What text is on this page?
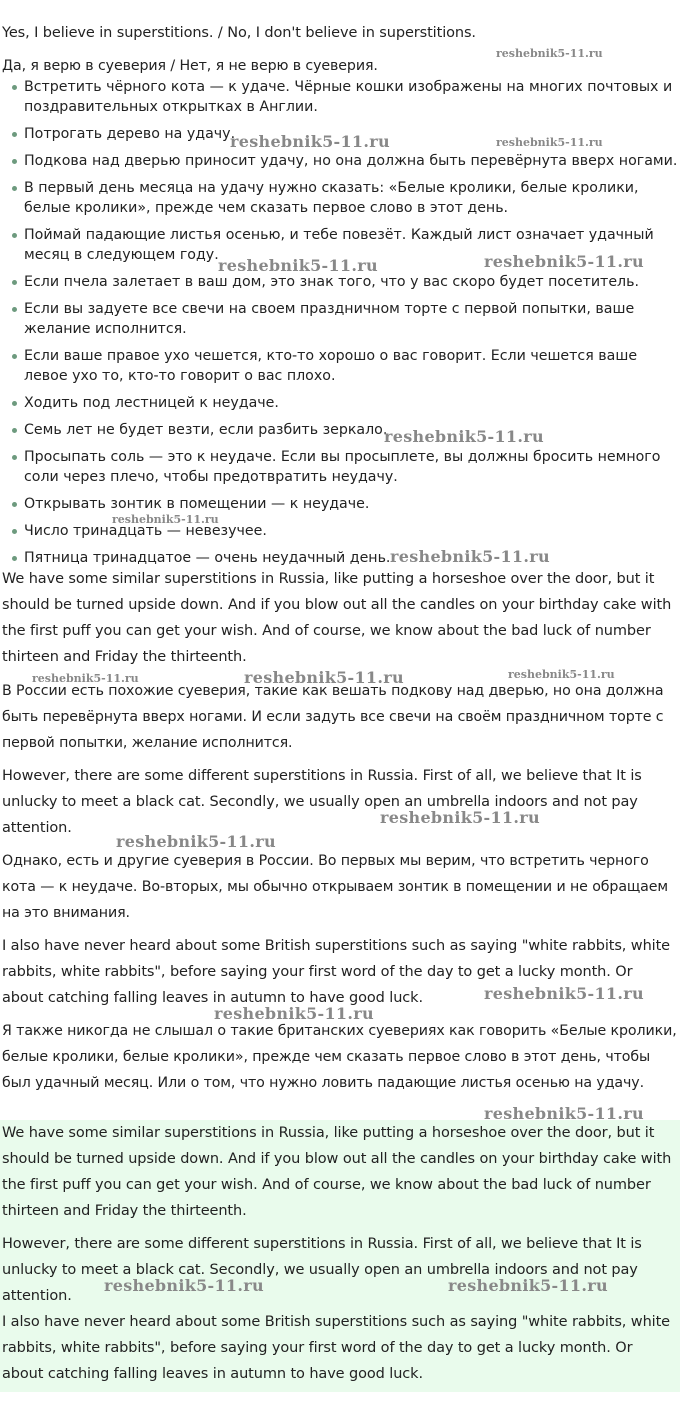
Yes, I believe in superstitions. / No, I don't believe in superstitions.

Да, я верю в суеверия / Нет, я не верю в суеверия.

Встретить чёрного кота — к удаче. Чёрные кошки изображены на многих почтовых и поздравительных открытках в Англии.
Потрогать дерево на удачу.
Подкова над дверью приносит удачу, но она должна быть перевёрнута вверх ногами.
В первый день месяца на удачу нужно сказать: «Белые кролики, белые кролики, белые кролики», прежде чем сказать первое слово в этот день.
Поймай падающие листья осенью, и тебе повезёт. Каждый лист означает удачный месяц в следующем году.
Если пчела залетает в ваш дом, это знак того, что у вас скоро будет посетитель.
Если вы задуете все свечи на своем праздничном торте с первой попытки, ваше желание исполнится.
Если ваше правое ухо чешется, кто-то хорошо о вас говорит. Если чешется ваше левое ухо то, кто-то говорит о вас плохо.
Ходить под лестницей к неудаче.
Семь лет не будет везти, если разбить зеркало.
Просыпать соль — это к неудаче. Если вы просыплете, вы должны бросить немного соли через плечо, чтобы предотвратить неудачу.
Открывать зонтик в помещении — к неудаче.
Число тринадцать — невезучее.
Пятница тринадцатое — очень неудачный день.

We have some similar superstitions in Russia, like putting a horseshoe over the door, but it should be turned upside down. And if you blow out all the candles on your birthday cake with the first puff you can get your wish. And of course, we know about the bad luck of number thirteen and Friday the thirteenth.

В России есть похожие суеверия, такие как вешать подкову над дверью, но она должна быть перевёрнута вверх ногами. И если задуть все свечи на своём праздничном торте с первой попытки, желание исполнится.

However, there are some different superstitions in Russia. First of all, we believe that It is unlucky to meet a black cat. Secondly, we usually open an umbrella indoors and not pay attention.

Однако, есть и другие суеверия в России. Во первых мы верим, что встретить черного кота — к неудаче. Во-вторых, мы обычно открываем зонтик в помещении и не обращаем на это внимания.

I also have never heard about some British superstitions such as saying "white rabbits, white rabbits, white rabbits", before saying your first word of the day to get a lucky month. Or about catching falling leaves in autumn to have good luck.

Я также никогда не слышал о такие британских суевериях как говорить «Белые кролики, белые кролики, белые кролики», прежде чем сказать первое слово в этот день, чтобы был удачный месяц. Или о том, что нужно ловить падающие листья осенью на удачу.

We have some similar superstitions in Russia, like putting a horseshoe over the door, but it should be turned upside down. And if you blow out all the candles on your birthday cake with the first puff you can get your wish. And of course, we know about the bad luck of number thirteen and Friday the thirteenth.

However, there are some different superstitions in Russia. First of all, we believe that It is unlucky to meet a black cat. Secondly, we usually open an umbrella indoors and not pay attention.

I also have never heard about some British superstitions such as saying "white rabbits, white rabbits, white rabbits", before saying your first word of the day to get a lucky month. Or about catching falling leaves in autumn to have good luck.

reshebnik5-11.ru
reshebnik5-11.ru	reshebnik5-11.ru
reshebnik5-11.ru	reshebnik5-11.ru
reshebnik5-11.ru
reshebnik5-11.ru
reshebnik5-11.ru
reshebnik5-11.ru	reshebnik5-11.ru	reshebnik5-11.ru
reshebnik5-11.ru
reshebnik5-11.ru
reshebnik5-11.ru
reshebnik5-11.ru
reshebnik5-11.ru
reshebnik5-11.ru	reshebnik5-11.ru
